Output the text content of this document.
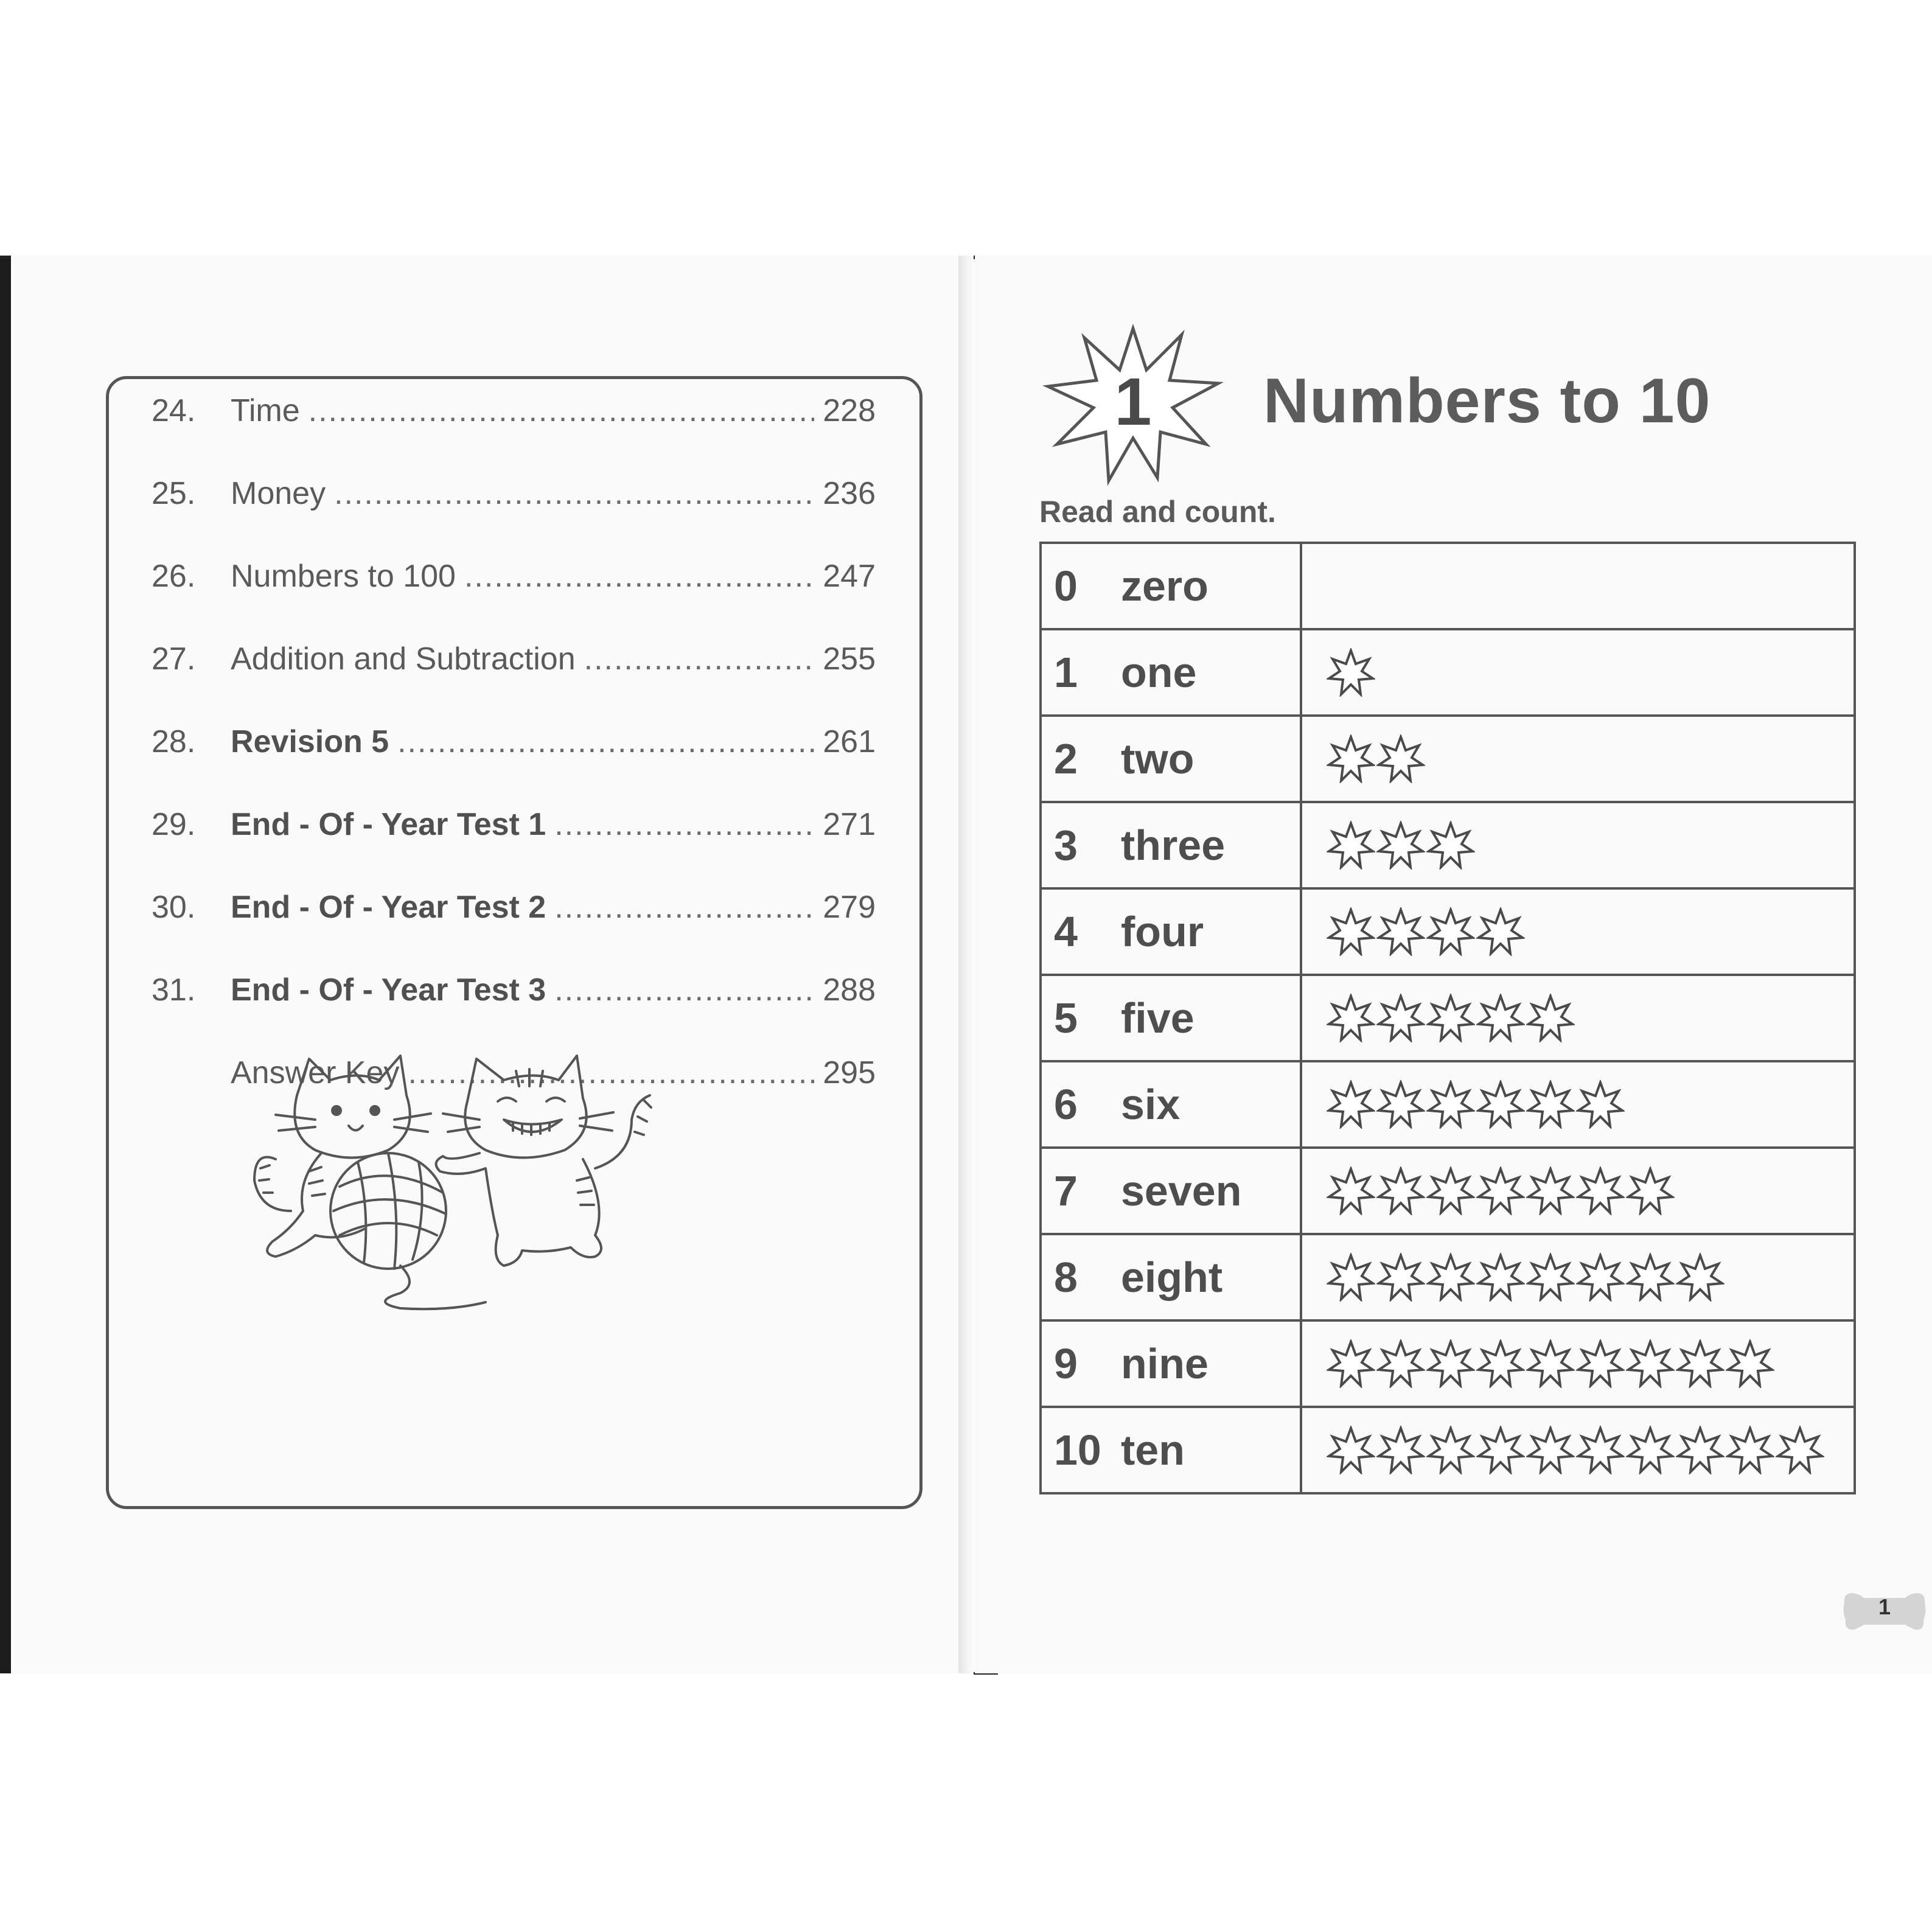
24.	Time .....	228
25.	Money .....	236
26.	Numbers to 100 .....	247
27.	Addition and Subtraction .....	255
28.	Revision 5 .....	261
29.	End - Of - Year Test 1 .....	271
30.	End - Of - Year Test 2 .....	279
31.	End - Of - Year Test 3 .....	288
Answer Key .....	295
1 Numbers to 10
Read and count.
0 zero	

1 one

2 two

3 three

4 four

5 five

6 six

7 seven

8 eight

9 nine

10 ten

1
